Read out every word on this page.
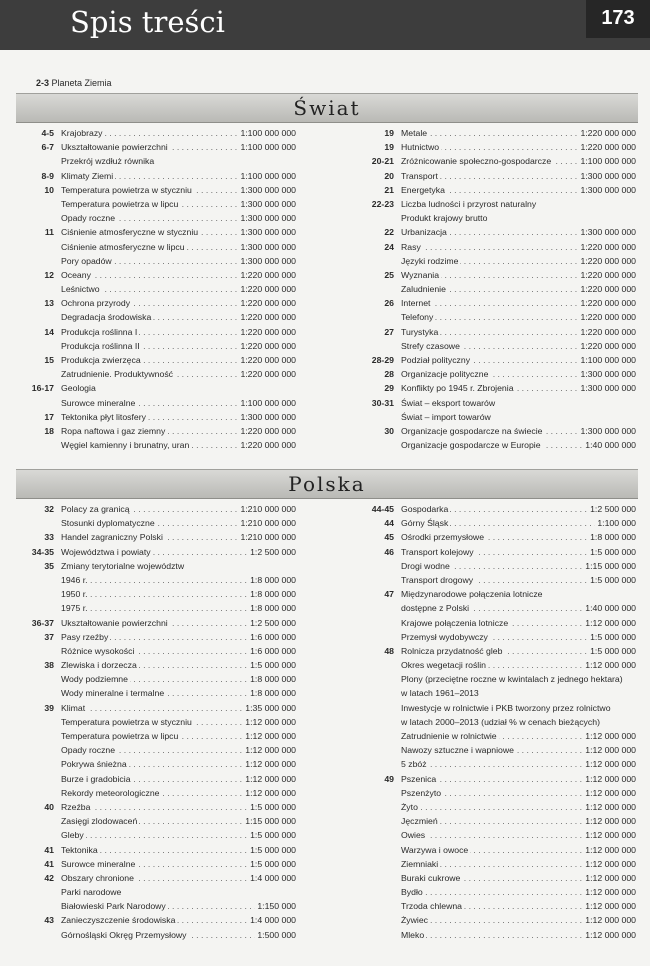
Spis treści	173
2-3 Planeta Ziemia
Świat
4-5 Krajobrazy . . .	1:100 000 000
6-7 Ukształtowanie powierzchni . . .	1:100 000 000
Przekrój wzdłuż równika
8-9 Klimaty Ziemi . . .	1:100 000 000
10 Temperatura powietrza w styczniu . . .	1:300 000 000
Temperatura powietrza w lipcu . . .	1:300 000 000
Opady roczne . . .	1:300 000 000
11 Ciśnienie atmosferyczne w styczniu . . .	1:300 000 000
Ciśnienie atmosferyczne w lipcu . . .	1:300 000 000
Pory opadów . . .	1:300 000 000
12 Oceany . . .	1:220 000 000
Leśnictwo . . .	1:220 000 000
13 Ochrona przyrody . . .	1:220 000 000
Degradacja środowiska . . .	1:220 000 000
14 Produkcja roślinna I . . .	1:220 000 000
Produkcja roślinna II . . .	1:220 000 000
15 Produkcja zwierzęca . . .	1:220 000 000
Zatrudnienie. Produktywność . . .	1:220 000 000
16-17 Geologia
Surowce mineralne . . .	1:100 000 000
17 Tektonika płyt litosfery . . .	1:300 000 000
18 Ropa naftowa i gaz ziemny . . .	1:220 000 000
Węgiel kamienny i brunatny, uran . . .	1:220 000 000
19 Metale . . .	1:220 000 000
19 Hutnictwo . . .	1:220 000 000
20-21 Zróżnicowanie społeczno-gospodarcze . . .	1:100 000 000
20 Transport . . .	1:300 000 000
21 Energetyka . . .	1:300 000 000
22-23 Liczba ludności i przyrost naturalny
Produkt krajowy brutto
22 Urbanizacja . . .	1:300 000 000
24 Rasy . . .	1:220 000 000
Języki rodzime . . .	1:220 000 000
25 Wyznania . . .	1:220 000 000
Zaludnienie . . .	1:220 000 000
26 Internet . . .	1:220 000 000
Telefony . . .	1:220 000 000
27 Turystyka . . .	1:220 000 000
Strefy czasowe . . .	1:220 000 000
28-29 Podział polityczny . . .	1:100 000 000
28 Organizacje polityczne . . .	1:300 000 000
29 Konflikty po 1945 r. Zbrojenia . . .	1:300 000 000
30-31 Świat – eksport towarów
Świat – import towarów
30 Organizacje gospodarcze na świecie . . .	1:300 000 000
Organizacje gospodarcze w Europie . . .	1:40 000 000
Polska
32 Polacy za granicą . . .	1:210 000 000
Stosunki dyplomatyczne . . .	1:210 000 000
33 Handel zagraniczny Polski . . .	1:210 000 000
34-35 Województwa i powiaty . . .	1:2 500 000
35 Zmiany terytorialne województw
1946 r. . . .	1:8 000 000
1950 r. . . .	1:8 000 000
1975 r. . . .	1:8 000 000
36-37 Ukształtowanie powierzchni . . .	1:2 500 000
37 Pasy rzeźby . . .	1:6 000 000
Różnice wysokości . . .	1:6 000 000
38 Zlewiska i dorzecza . . .	1:5 000 000
Wody podziemne . . .	1:8 000 000
Wody mineralne i termalne . . .	1:8 000 000
39 Klimat . . .	1:35 000 000
Temperatura powietrza w styczniu . . .	1:12 000 000
Temperatura powietrza w lipcu . . .	1:12 000 000
Opady roczne . . .	1:12 000 000
Pokrywa śnieżna . . .	1:12 000 000
Burze i gradobicia . . .	1:12 000 000
Rekordy meteorologiczne . . .	1:12 000 000
40 Rzeźba . . .	1:5 000 000
Zasięgi zlodowaceń . . .	1:15 000 000
Gleby . . .	1:5 000 000
41 Tektonika . . .	1:5 000 000
41 Surowce mineralne . . .	1:5 000 000
42 Obszary chronione . . .	1:4 000 000
Parki narodowe
Białowieski Park Narodowy . . .	1:150 000
43 Zanieczyszczenie środowiska . . .	1:4 000 000
Górnośląski Okręg Przemysłowy . . .	1:500 000
44-45 Gospodarka . . .	1:2 500 000
44 Górny Śląsk . . .	1:100 000
45 Ośrodki przemysłowe . . .	1:8 000 000
46 Transport kolejowy . . .	1:5 000 000
Drogi wodne . . .	1:15 000 000
Transport drogowy . . .	1:5 000 000
47 Międzynarodowe połączenia lotnicze
dostępne z Polski . . .	1:40 000 000
Krajowe połączenia lotnicze . . .	1:12 000 000
Przemysł wydobywczy . . .	1:5 000 000
48 Rolnicza przydatność gleb . . .	1:5 000 000
Okres wegetacji roślin . . .	1:12 000 000
Plony (przeciętne roczne w kwintalach z jednego hektara)
w latach 1961–2013
Inwestycje w rolnictwie i PKB tworzony przez rolnictwo
w latach 2000–2013 (udział % w cenach bieżących)
Zatrudnienie w rolnictwie . . .	1:12 000 000
Nawozy sztuczne i wapniowe . . .	1:12 000 000
5 zbóż . . .	1:12 000 000
49 Pszenica . . .	1:12 000 000
Pszenżyto . . .	1:12 000 000
Żyto . . .	1:12 000 000
Jęczmień . . .	1:12 000 000
Owies . . .	1:12 000 000
Warzywa i owoce . . .	1:12 000 000
Ziemniaki . . .	1:12 000 000
Buraki cukrowe . . .	1:12 000 000
Bydło . . .	1:12 000 000
Trzoda chlewna . . .	1:12 000 000
Żywiec . . .	1:12 000 000
Mleko . . .	1:12 000 000
